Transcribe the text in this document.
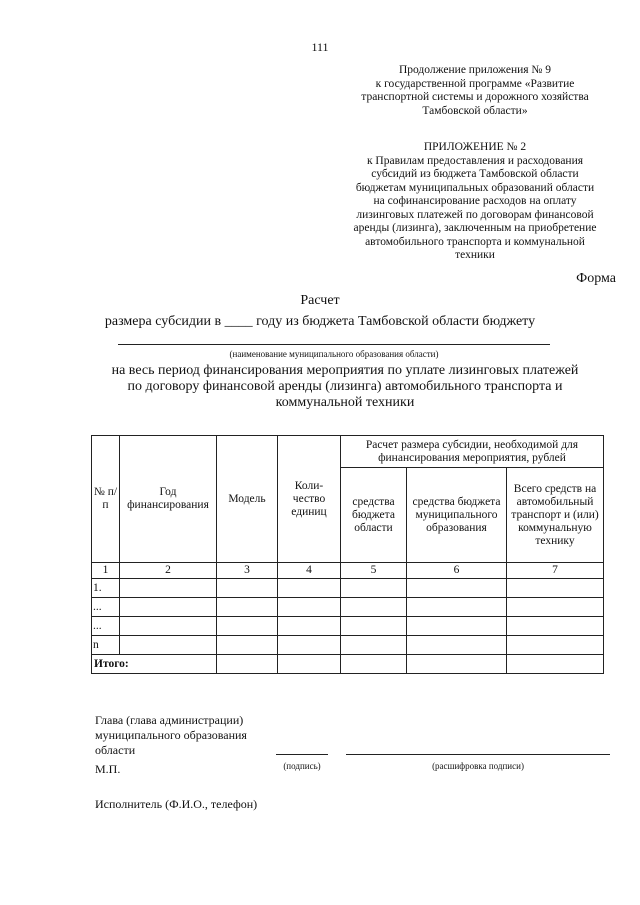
111
Продолжение приложения № 9
к государственной программе «Развитие
транспортной системы и дорожного хозяйства
Тамбовской области»
ПРИЛОЖЕНИЕ № 2
к Правилам предоставления и расходования
субсидий из бюджета Тамбовской области
бюджетам муниципальных образований области
на софинансирование расходов на оплату
лизинговых платежей по договорам финансовой
аренды (лизинга), заключенным на приобретение
автомобильного транспорта и коммунальной
техники
Форма
Расчет
размера субсидии в ____ году из бюджета Тамбовской области бюджету
(наименование муниципального образования области)
на весь период финансирования мероприятия по уплате лизинговых платежей
по договору финансовой аренды (лизинга) автомобильного транспорта и
коммунальной техники
№ п/п	Год финансирования	Модель	Коли-чество единиц	Расчет размера субсидии, необходимой для финансирования мероприятия, рублей		
				средства бюджета области	средства бюджета муниципального образования	Всего средств на автомобильный транспорт и (или) коммунальную технику
1	2	3	4	5	6	7
1.						
...						
...						
n						
Итого:						
Глава (глава администрации)
муниципального образования
области
М.П.	(подпись)	(расшифровка подписи)
Исполнитель (Ф.И.О., телефон)
